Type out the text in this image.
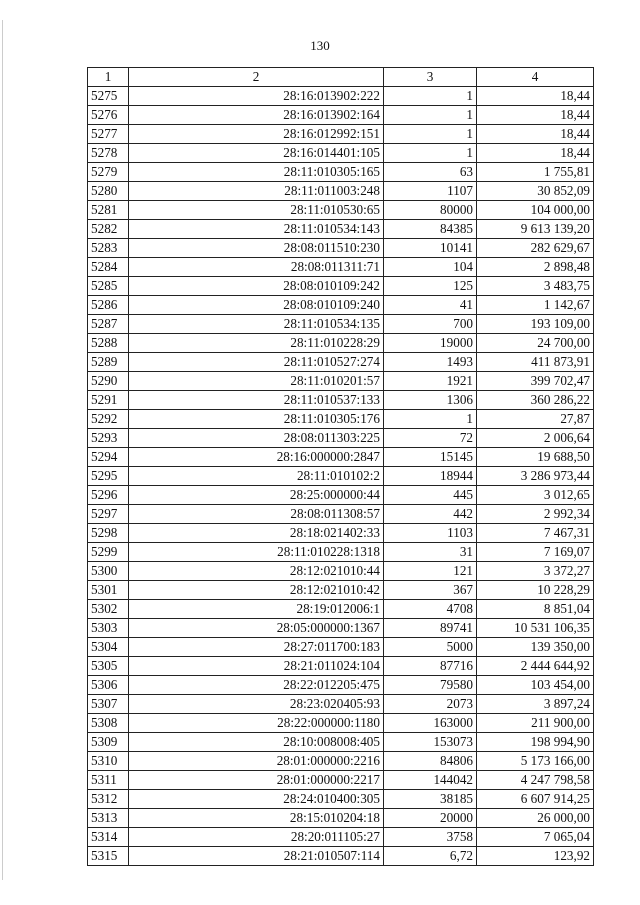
130
1	2	3	4
5275	28:16:013902:222	1	18,44
5276	28:16:013902:164	1	18,44
5277	28:16:012992:151	1	18,44
5278	28:16:014401:105	1	18,44
5279	28:11:010305:165	63	1 755,81
5280	28:11:011003:248	1107	30 852,09
5281	28:11:010530:65	80000	104 000,00
5282	28:11:010534:143	84385	9 613 139,20
5283	28:08:011510:230	10141	282 629,67
5284	28:08:011311:71	104	2 898,48
5285	28:08:010109:242	125	3 483,75
5286	28:08:010109:240	41	1 142,67
5287	28:11:010534:135	700	193 109,00
5288	28:11:010228:29	19000	24 700,00
5289	28:11:010527:274	1493	411 873,91
5290	28:11:010201:57	1921	399 702,47
5291	28:11:010537:133	1306	360 286,22
5292	28:11:010305:176	1	27,87
5293	28:08:011303:225	72	2 006,64
5294	28:16:000000:2847	15145	19 688,50
5295	28:11:010102:2	18944	3 286 973,44
5296	28:25:000000:44	445	3 012,65
5297	28:08:011308:57	442	2 992,34
5298	28:18:021402:33	1103	7 467,31
5299	28:11:010228:1318	31	7 169,07
5300	28:12:021010:44	121	3 372,27
5301	28:12:021010:42	367	10 228,29
5302	28:19:012006:1	4708	8 851,04
5303	28:05:000000:1367	89741	10 531 106,35
5304	28:27:011700:183	5000	139 350,00
5305	28:21:011024:104	87716	2 444 644,92
5306	28:22:012205:475	79580	103 454,00
5307	28:23:020405:93	2073	3 897,24
5308	28:22:000000:1180	163000	211 900,00
5309	28:10:008008:405	153073	198 994,90
5310	28:01:000000:2216	84806	5 173 166,00
5311	28:01:000000:2217	144042	4 247 798,58
5312	28:24:010400:305	38185	6 607 914,25
5313	28:15:010204:18	20000	26 000,00
5314	28:20:011105:27	3758	7 065,04
5315	28:21:010507:114	6,72	123,92
